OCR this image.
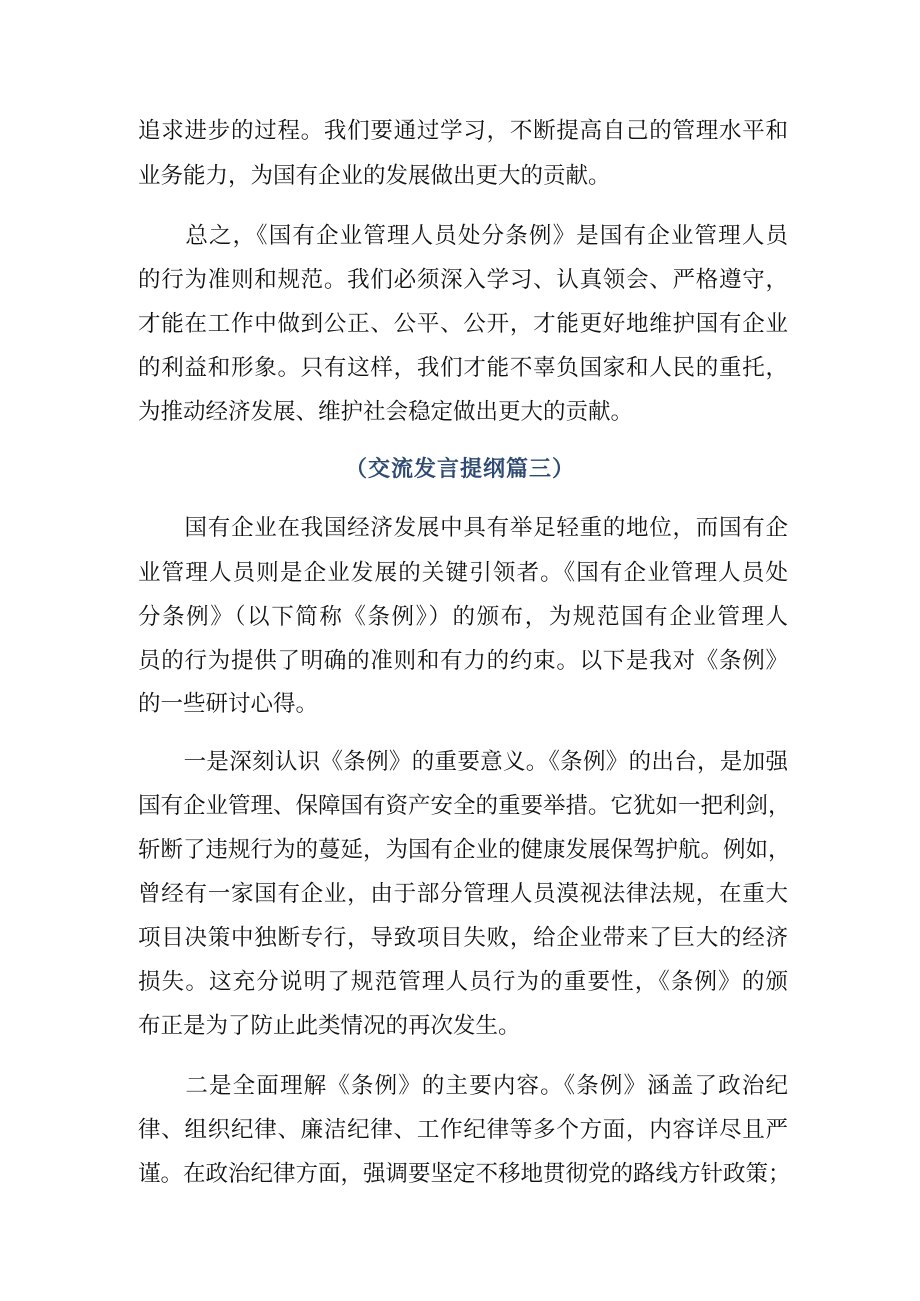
追求进步的过程。我们要通过学习，不断提高自己的管理水平和
业务能力，为国有企业的发展做出更大的贡献。
　　总之，《国有企业管理人员处分条例》是国有企业管理人员
的行为准则和规范。我们必须深入学习、认真领会、严格遵守，
才能在工作中做到公正、公平、公开，才能更好地维护国有企业
的利益和形象。只有这样，我们才能不辜负国家和人民的重托，
为推动经济发展、维护社会稳定做出更大的贡献。
（交流发言提纲篇三）
　　国有企业在我国经济发展中具有举足轻重的地位，而国有企
业管理人员则是企业发展的关键引领者。《国有企业管理人员处
分条例》（以下简称《条例》）的颁布，为规范国有企业管理人
员的行为提供了明确的准则和有力的约束。以下是我对《条例》
的一些研讨心得。
　　一是深刻认识《条例》的重要意义。《条例》的出台，是加强
国有企业管理、保障国有资产安全的重要举措。它犹如一把利剑，
斩断了违规行为的蔓延，为国有企业的健康发展保驾护航。例如，
曾经有一家国有企业，由于部分管理人员漠视法律法规，在重大
项目决策中独断专行，导致项目失败，给企业带来了巨大的经济
损失。这充分说明了规范管理人员行为的重要性，《条例》的颁
布正是为了防止此类情况的再次发生。
　　二是全面理解《条例》的主要内容。《条例》涵盖了政治纪
律、组织纪律、廉洁纪律、工作纪律等多个方面，内容详尽且严
谨。在政治纪律方面，强调要坚定不移地贯彻党的路线方针政策；
